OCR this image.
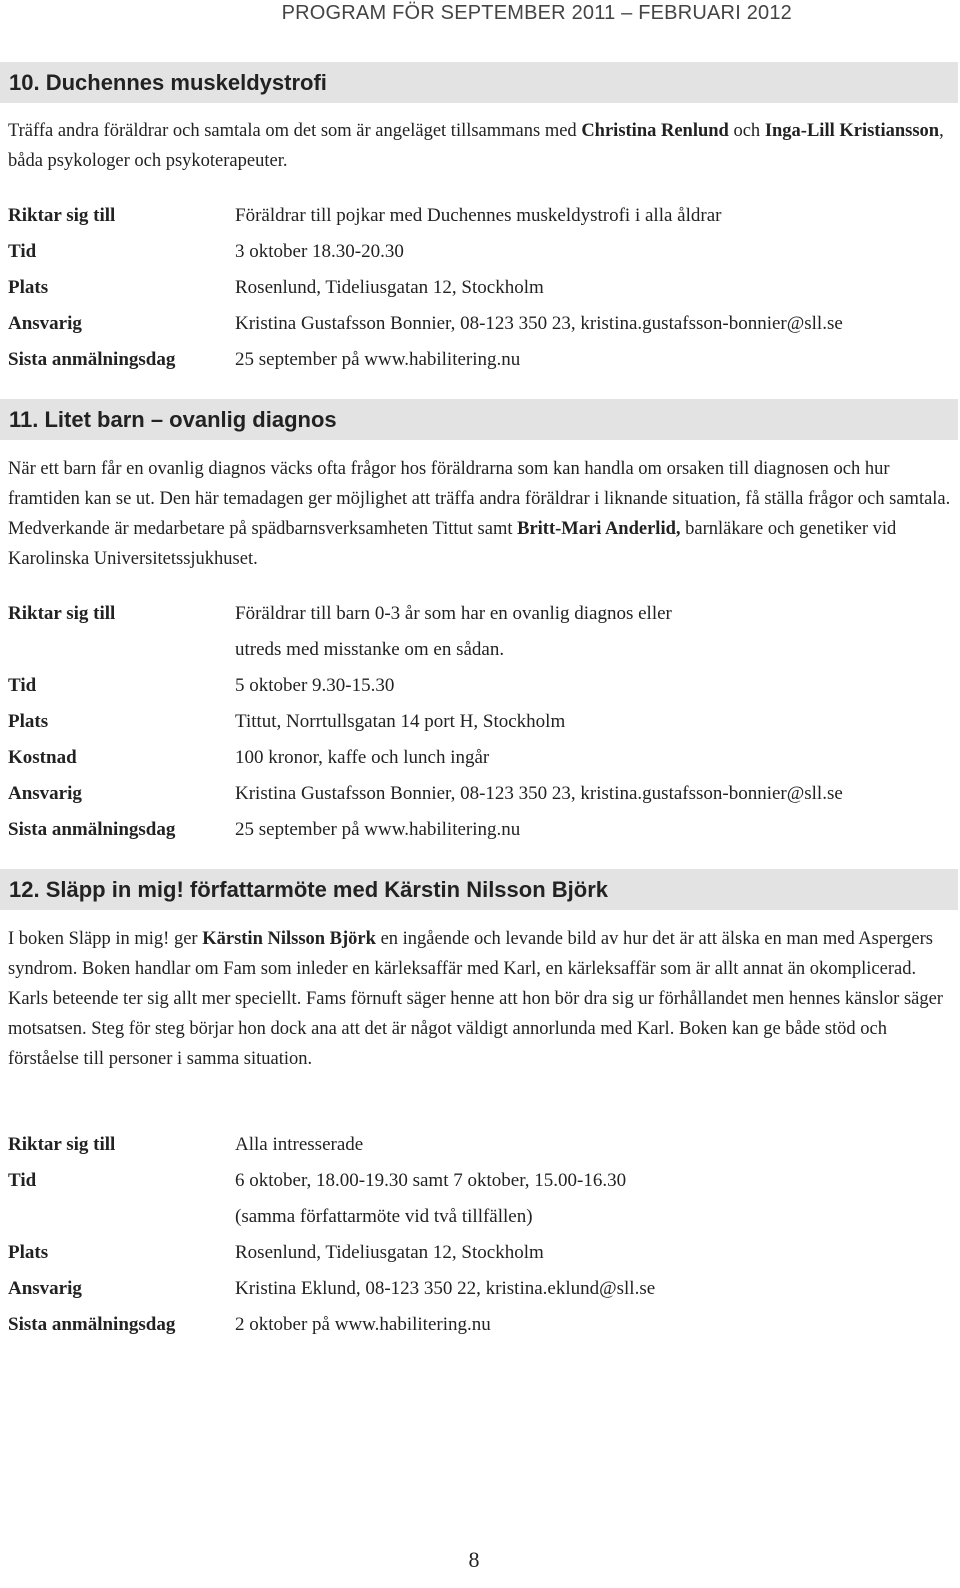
PROGRAM FÖR SEPTEMBER 2011 – FEBRUARI 2012
10. Duchennes muskeldystrofi
Träffa andra föräldrar och samtala om det som är angeläget tillsammans med Christina Renlund och Inga-Lill Kristiansson, båda psykologer och psykoterapeuter.
Riktar sig till	Föräldrar till pojkar med Duchennes muskeldystrofi i alla åldrar
Tid	3 oktober 18.30-20.30
Plats	Rosenlund, Tideliusgatan 12, Stockholm
Ansvarig	Kristina Gustafsson Bonnier, 08-123 350 23, kristina.gustafsson-bonnier@sll.se
Sista anmälningsdag	25 september på www.habilitering.nu
11. Litet barn – ovanlig diagnos
När ett barn får en ovanlig diagnos väcks ofta frågor hos föräldrarna som kan handla om orsaken till diagnosen och hur framtiden kan se ut. Den här temadagen ger möjlighet att träffa andra föräldrar i liknande situation, få ställa frågor och samtala. Medverkande är medarbetare på spädbarnsverksamheten Tittut samt Britt-Mari Anderlid, barnläkare och genetiker vid Karolinska Universitetssjukhuset.
Riktar sig till	Föräldrar till barn 0-3 år som har en ovanlig diagnos eller
utreds med misstanke om en sådan.
Tid	5 oktober 9.30-15.30
Plats	Tittut, Norrtullsgatan 14 port H, Stockholm
Kostnad	100 kronor, kaffe och lunch ingår
Ansvarig	Kristina Gustafsson Bonnier, 08-123 350 23, kristina.gustafsson-bonnier@sll.se
Sista anmälningsdag	25 september på www.habilitering.nu
12. Släpp in mig! författarmöte med Kärstin Nilsson Björk
I boken Släpp in mig! ger Kärstin Nilsson Björk en ingående och levande bild av hur det är att älska en man med Aspergers syndrom. Boken handlar om Fam som inleder en kärleksaffär med Karl, en kärleksaffär som är allt annat än okomplicerad. Karls beteende ter sig allt mer speciellt. Fams förnuft säger henne att hon bör dra sig ur förhållandet men hennes känslor säger motsatsen. Steg för steg börjar hon dock ana att det är något väldigt annorlunda med Karl. Boken kan ge både stöd och förståelse till personer i samma situation.
Riktar sig till	Alla intresserade
Tid	6 oktober, 18.00-19.30 samt 7 oktober, 15.00-16.30
(samma författarmöte vid två tillfällen)
Plats	Rosenlund, Tideliusgatan 12, Stockholm
Ansvarig	Kristina Eklund, 08-123 350 22, kristina.eklund@sll.se
Sista anmälningsdag	2 oktober på www.habilitering.nu
8
